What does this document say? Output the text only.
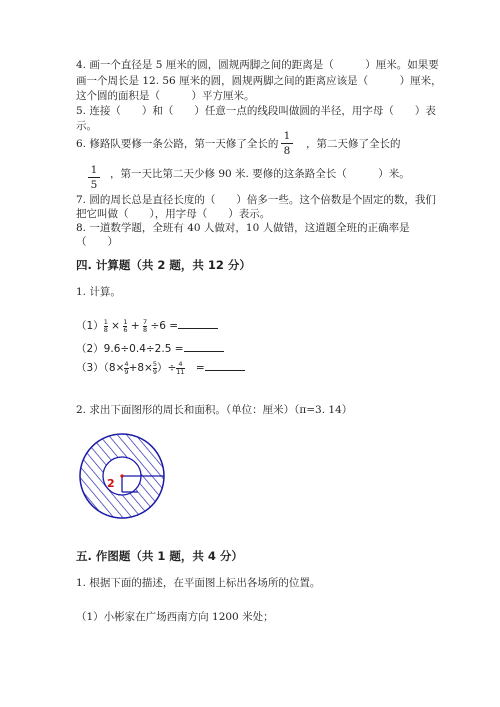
4. 画一个直径是 5 厘米的圆，圆规两脚之间的距离是（　　　）厘米。如果要
画一个周长是 12. 56 厘米的圆，圆规两脚之间的距离应该是（　　　）厘米，
这个圆的面积是（　　　）平方厘米。
5. 连接（　　）和（　　）任意一点的线段叫做圆的半径，用字母（　　）表
示。
6. 修路队要修一条公路，第一天修了全长的
1
8
，第二天修了全长的
1
5
，第一天比第二天少修 90 米. 要修的这条路全长（　　　）米。
7. 圆的周长总是直径长度的（　　）倍多一些。这个倍数是个固定的数，我们
把它叫做（　　），用字母（　　）表示。
8. 一道数学题，全班有 40 人做对，10 人做错，这道题全班的正确率是
（　　）
四. 计算题（共 2 题，共 12 分）
1. 计算。
$(1) \frac{1}{8} \times \frac{1}{6} + \frac{7}{8} \div 6$ =
（2）9.6÷0.4÷2.5 =
$(3)(8\times \frac{4}{9}+8\times \frac{5}{9})\div \frac{4}{11}$ =
2. 求出下面图形的周长和面积。（单位：厘米）（π=3. 14）
2
五. 作图题（共 1 题，共 4 分）
1. 根据下面的描述，在平面图上标出各场所的位置。
（1）小彬家在广场西南方向 1200 米处；
